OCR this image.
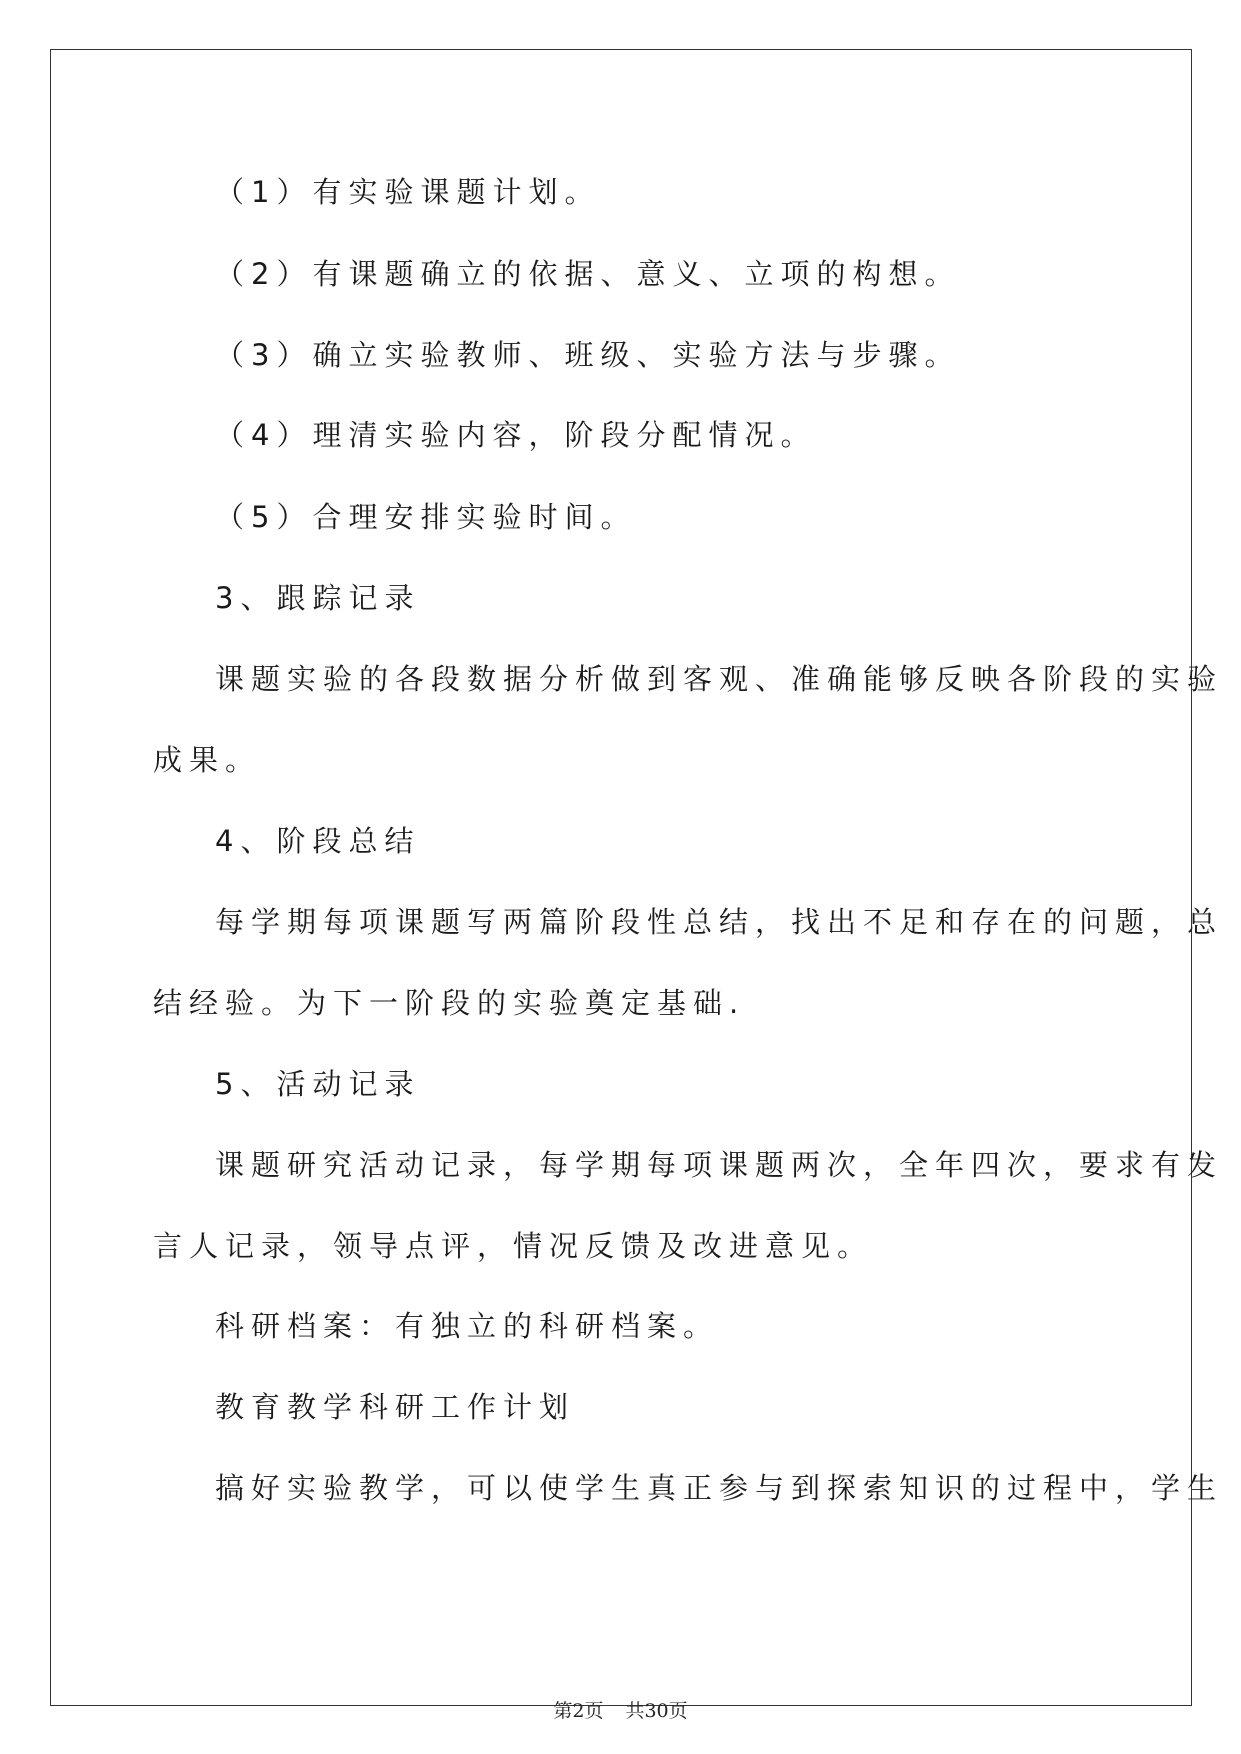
（1）有实验课题计划。
（2）有课题确立的依据、意义、立项的构想。
（3）确立实验教师、班级、实验方法与步骤。
（4）理清实验内容，阶段分配情况。
（5）合理安排实验时间。
3、跟踪记录
课题实验的各段数据分析做到客观、准确能够反映各阶段的实验
成果。
4、阶段总结
每学期每项课题写两篇阶段性总结，找出不足和存在的问题，总
结经验。为下一阶段的实验奠定基础.
5、活动记录
课题研究活动记录，每学期每项课题两次，全年四次，要求有发
言人记录，领导点评，情况反馈及改进意见。
科研档案：有独立的科研档案。
教育教学科研工作计划
搞好实验教学，可以使学生真正参与到探索知识的过程中，学生
第2页 共30页
